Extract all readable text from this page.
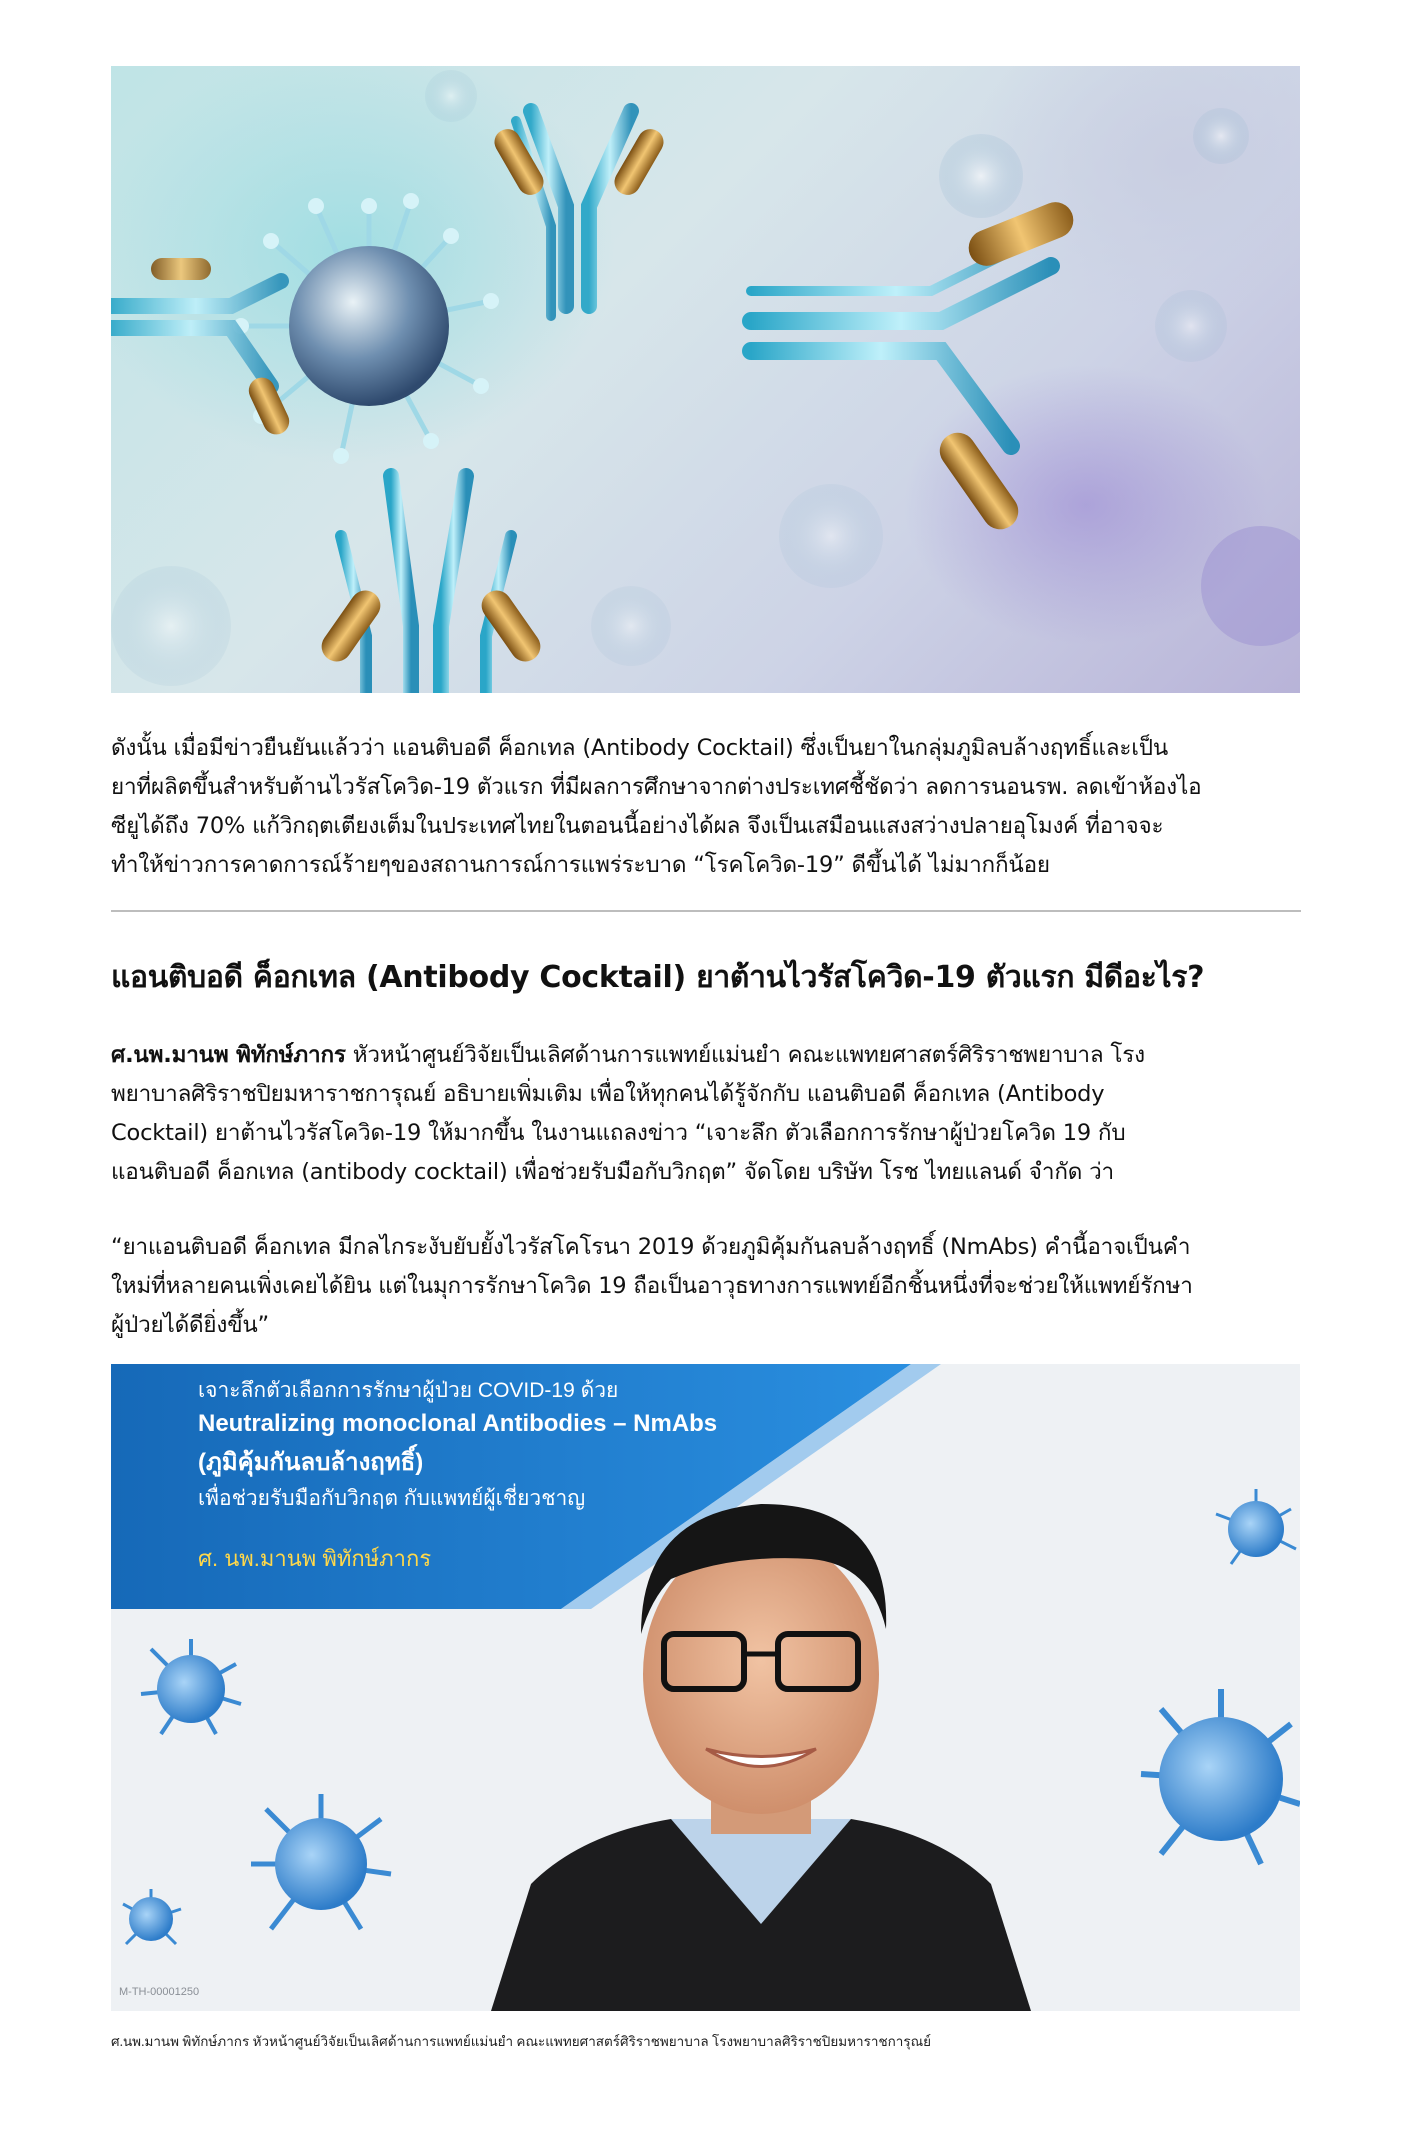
ดังนั้น เมื่อมีข่าวยืนยันแล้วว่า แอนติบอดี ค็อกเทล (Antibody Cocktail) ซึ่งเป็นยาในกลุ่มภูมิลบล้างฤทธิ์และเป็น
ยาที่ผลิตขึ้นสำหรับต้านไวรัสโควิด-19 ตัวแรก ที่มีผลการศึกษาจากต่างประเทศชี้ชัดว่า ลดการนอนรพ. ลดเข้าห้องไอ
ซียูได้ถึง 70% แก้วิกฤตเตียงเต็มในประเทศไทยในตอนนี้อย่างได้ผล จึงเป็นเสมือนแสงสว่างปลายอุโมงค์ ที่อาจจะ
ทำให้ข่าวการคาดการณ์ร้ายๆของสถานการณ์การแพร่ระบาด “โรคโควิด-19” ดีขึ้นได้ ไม่มากก็น้อย
แอนติบอดี ค็อกเทล (Antibody Cocktail) ยาต้านไวรัสโควิด-19 ตัวแรก มีดีอะไร?
ศ.นพ.มานพ พิทักษ์ภากร หัวหน้าศูนย์วิจัยเป็นเลิศด้านการแพทย์แม่นยำ คณะแพทยศาสตร์ศิริราชพยาบาล โรง
พยาบาลศิริราชปิยมหาราชการุณย์ อธิบายเพิ่มเติม เพื่อให้ทุกคนได้รู้จักกับ แอนติบอดี ค็อกเทล (Antibody
Cocktail) ยาต้านไวรัสโควิด-19 ให้มากขึ้น ในงานแถลงข่าว “เจาะลึก ตัวเลือกการรักษาผู้ป่วยโควิด 19 กับ
แอนติบอดี ค็อกเทล (antibody cocktail) เพื่อช่วยรับมือกับวิกฤต” จัดโดย บริษัท โรช ไทยแลนด์ จำกัด ว่า
“ยาแอนติบอดี ค็อกเทล มีกลไกระงับยับยั้งไวรัสโคโรนา 2019 ด้วยภูมิคุ้มกันลบล้างฤทธิ์ (NmAbs) คำนี้อาจเป็นคำ
ใหม่ที่หลายคนเพิ่งเคยได้ยิน แต่ในมุการรักษาโควิด 19 ถือเป็นอาวุธทางการแพทย์อีกชิ้นหนึ่งที่จะช่วยให้แพทย์รักษา
ผู้ป่วยได้ดียิ่งขึ้น”
เจาะลึกตัวเลือกการรักษาผู้ป่วย COVID-19 ด้วย
Neutralizing monoclonal Antibodies – NmAbs
(ภูมิคุ้มกันลบล้างฤทธิ์)
เพื่อช่วยรับมือกับวิกฤต กับแพทย์ผู้เชี่ยวชาญ
ศ. นพ.มานพ พิทักษ์ภากร
M-TH-00001250

ศ.นพ.มานพ พิทักษ์ภากร หัวหน้าศูนย์วิจัยเป็นเลิศด้านการแพทย์แม่นยำ คณะแพทยศาสตร์ศิริราชพยาบาล โรงพยาบาลศิริราชปิยมหาราชการุณย์
